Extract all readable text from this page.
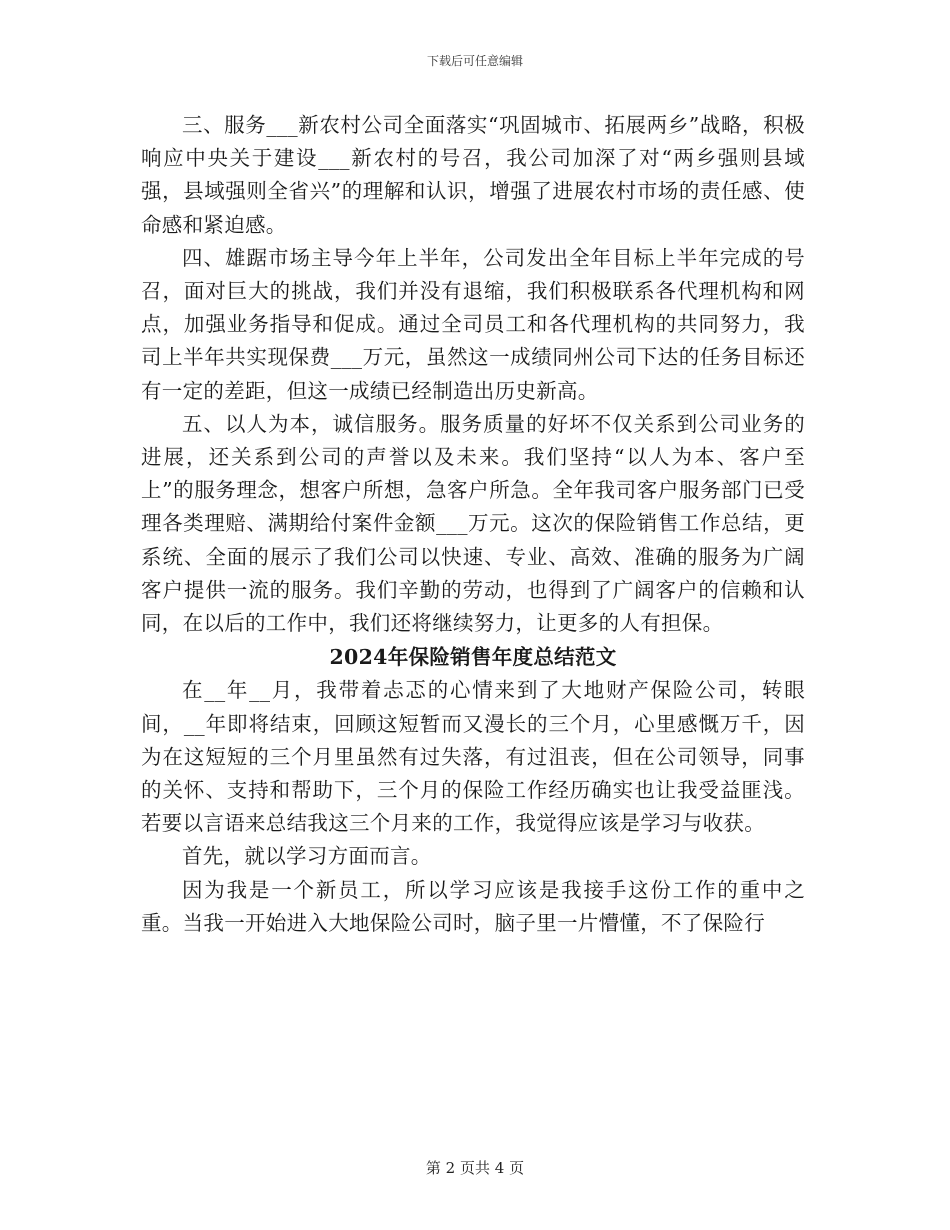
下载后可任意编辑

三、服务___新农村公司全面落实“巩固城市、拓展两乡”战略，积极响应中央关于建设___新农村的号召，我公司加深了对“两乡强则县域强，县域强则全省兴”的理解和认识，增强了进展农村市场的责任感、使命感和紧迫感。

四、雄踞市场主导今年上半年，公司发出全年目标上半年完成的号召，面对巨大的挑战，我们并没有退缩，我们积极联系各代理机构和网点，加强业务指导和促成。通过全司员工和各代理机构的共同努力，我司上半年共实现保费___万元，虽然这一成绩同州公司下达的任务目标还有一定的差距，但这一成绩已经制造出历史新高。

五、以人为本，诚信服务。服务质量的好坏不仅关系到公司业务的进展，还关系到公司的声誉以及未来。我们坚持“以人为本、客户至上”的服务理念，想客户所想，急客户所急。全年我司客户服务部门已受理各类理赔、满期给付案件金额___万元。这次的保险销售工作总结，更系统、全面的展示了我们公司以快速、专业、高效、准确的服务为广阔客户提供一流的服务。我们辛勤的劳动，也得到了广阔客户的信赖和认同，在以后的工作中，我们还将继续努力，让更多的人有担保。

2024年保险销售年度总结范文

在__年__月，我带着忐忑的心情来到了大地财产保险公司，转眼间，__年即将结束，回顾这短暂而又漫长的三个月，心里感慨万千，因为在这短短的三个月里虽然有过失落，有过沮丧，但在公司领导，同事的关怀、支持和帮助下，三个月的保险工作经历确实也让我受益匪浅。若要以言语来总结我这三个月来的工作，我觉得应该是学习与收获。

首先，就以学习方面而言。

因为我是一个新员工，所以学习应该是我接手这份工作的重中之重。当我一开始进入大地保险公司时，脑子里一片懵懂，不了保险行

第 2 页共 4 页
